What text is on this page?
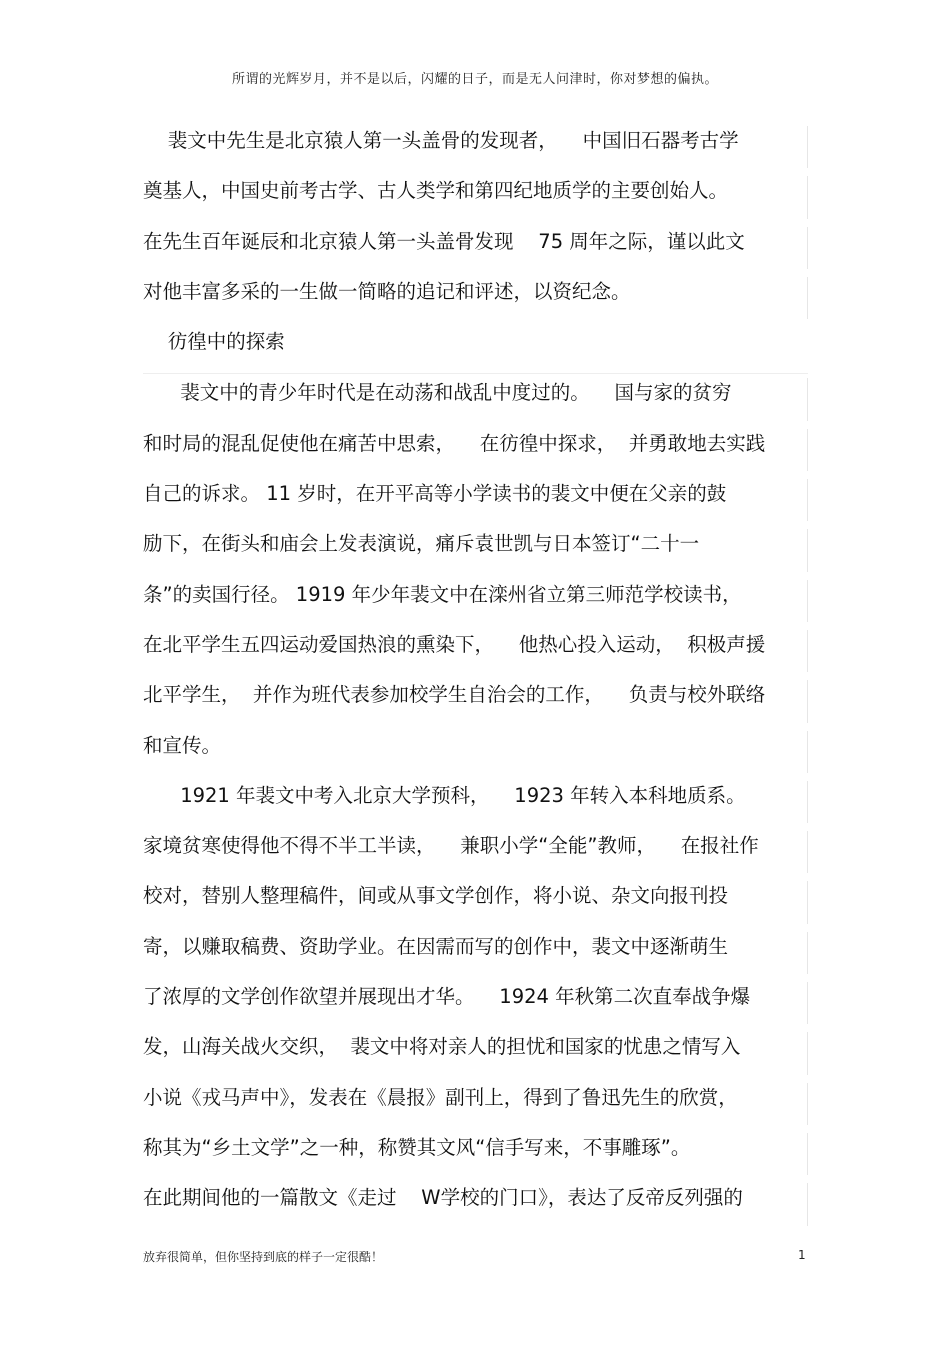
所谓的光辉岁月，并不是以后，闪耀的日子，而是无人问津时，你对梦想的偏执。
裴文中先生是北京猿人第一头盖骨的发现者，    中国旧石器考古学
奠基人，中国史前考古学、古人类学和第四纪地质学的主要创始人。
在先生百年诞辰和北京猿人第一头盖骨发现    75 周年之际，谨以此文
对他丰富多采的一生做一简略的追记和评述，以资纪念。
彷徨中的探索
裴文中的青少年时代是在动荡和战乱中度过的。    国与家的贫穷
和时局的混乱促使他在痛苦中思索，    在彷徨中探求，  并勇敢地去实践
自己的诉求。 11 岁时，在开平高等小学读书的裴文中便在父亲的鼓
励下，在街头和庙会上发表演说，痛斥袁世凯与日本签订“二十一
条”的卖国行径。 1919 年少年裴文中在滦州省立第三师范学校读书，
在北平学生五四运动爱国热浪的熏染下，    他热心投入运动，  积极声援
北平学生，  并作为班代表参加校学生自治会的工作，    负责与校外联络
和宣传。
1921 年裴文中考入北京大学预科，    1923 年转入本科地质系。
家境贫寒使得他不得不半工半读，    兼职小学“全能”教师，    在报社作
校对，替别人整理稿件，间或从事文学创作，将小说、杂文向报刊投
寄，以赚取稿费、资助学业。在因需而写的创作中，裴文中逐渐萌生
了浓厚的文学创作欲望并展现出才华。    1924 年秋第二次直奉战争爆
发，山海关战火交织，  裴文中将对亲人的担忧和国家的忧患之情写入
小说《戎马声中》，发表在《晨报》副刊上，得到了鲁迅先生的欣赏，
称其为“乡土文学”之一种，称赞其文风“信手写来，不事雕琢”。
在此期间他的一篇散文《走过    W学校的门口》，表达了反帝反列强的
放弃很简单，但你坚持到底的样子一定很酷！	1
